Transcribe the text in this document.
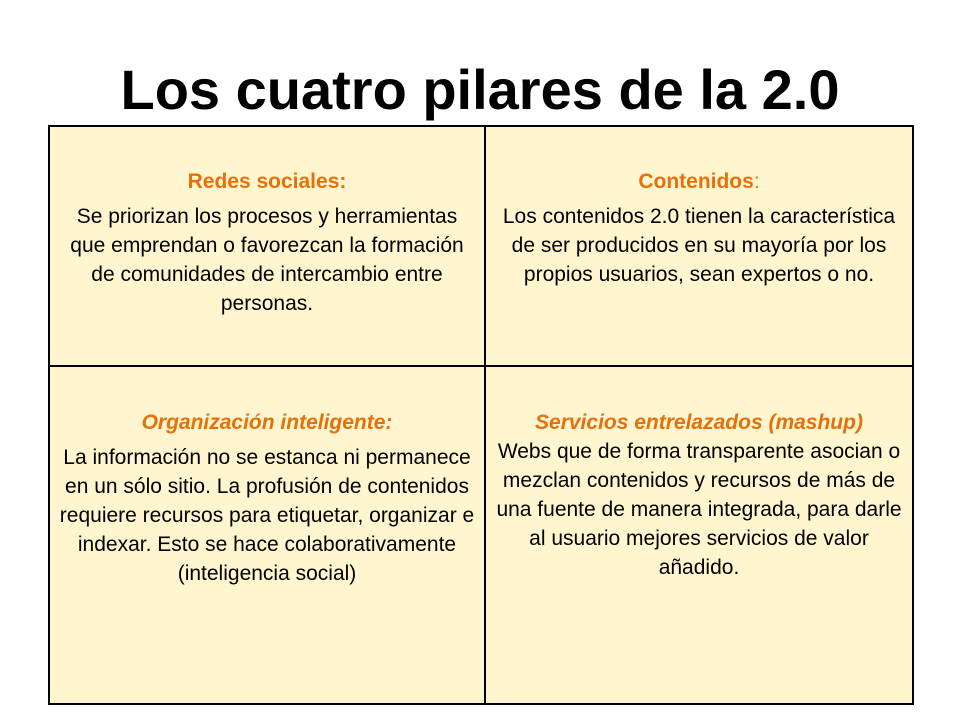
Los cuatro pilares de la 2.0
Redes sociales:

Se priorizan los procesos y herramientas que emprendan o favorezcan la formación de comunidades de intercambio entre personas.

Contenidos:

Los contenidos 2.0 tienen la característica de ser producidos en su mayoría por los propios usuarios, sean expertos o no.

Organización inteligente:

La información no se estanca ni permanece en un sólo sitio. La profusión de contenidos requiere recursos para etiquetar, organizar e indexar. Esto se hace colaborativamente (inteligencia social)

Servicios entrelazados (mashup)

Webs que de forma transparente asocian o mezclan contenidos y recursos de más de una fuente de manera integrada, para darle al usuario mejores servicios de valor añadido.
